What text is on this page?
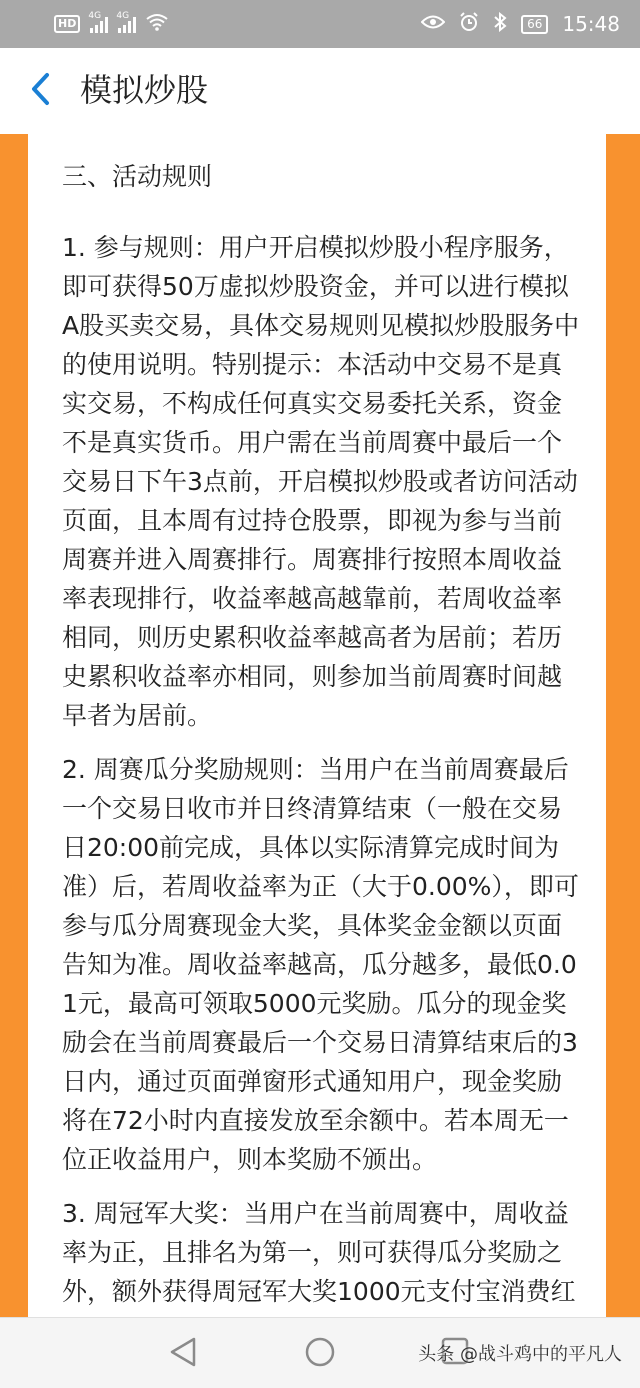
HD
4G 4G
66	15:48
模拟炒股
三、活动规则

1. 参与规则：用户开启模拟炒股小程序服务，即可获得50万虚拟炒股资金，并可以进行模拟A股买卖交易，具体交易规则见模拟炒股服务中的使用说明。特别提示：本活动中交易不是真实交易，不构成任何真实交易委托关系，资金不是真实货币。用户需在当前周赛中最后一个交易日下午3点前，开启模拟炒股或者访问活动页面，且本周有过持仓股票，即视为参与当前周赛并进入周赛排行。周赛排行按照本周收益率表现排行，收益率越高越靠前，若周收益率相同，则历史累积收益率越高者为居前；若历史累积收益率亦相同，则参加当前周赛时间越早者为居前。

2. 周赛瓜分奖励规则：当用户在当前周赛最后一个交易日收市并日终清算结束（一般在交易日20:00前完成，具体以实际清算完成时间为准）后，若周收益率为正（大于0.00%），即可参与瓜分周赛现金大奖，具体奖金金额以页面告知为准。周收益率越高，瓜分越多，最低0.01元，最高可领取5000元奖励。瓜分的现金奖励会在当前周赛最后一个交易日清算结束后的3日内，通过页面弹窗形式通知用户，现金奖励将在72小时内直接发放至余额中。若本周无一位正收益用户，则本奖励不颁出。

3. 周冠军大奖：当用户在当前周赛中，周收益率为正，且排名为第一，则可获得瓜分奖励之外，额外获得周冠军大奖1000元支付宝消费红

头条 @战斗鸡中的平凡人
